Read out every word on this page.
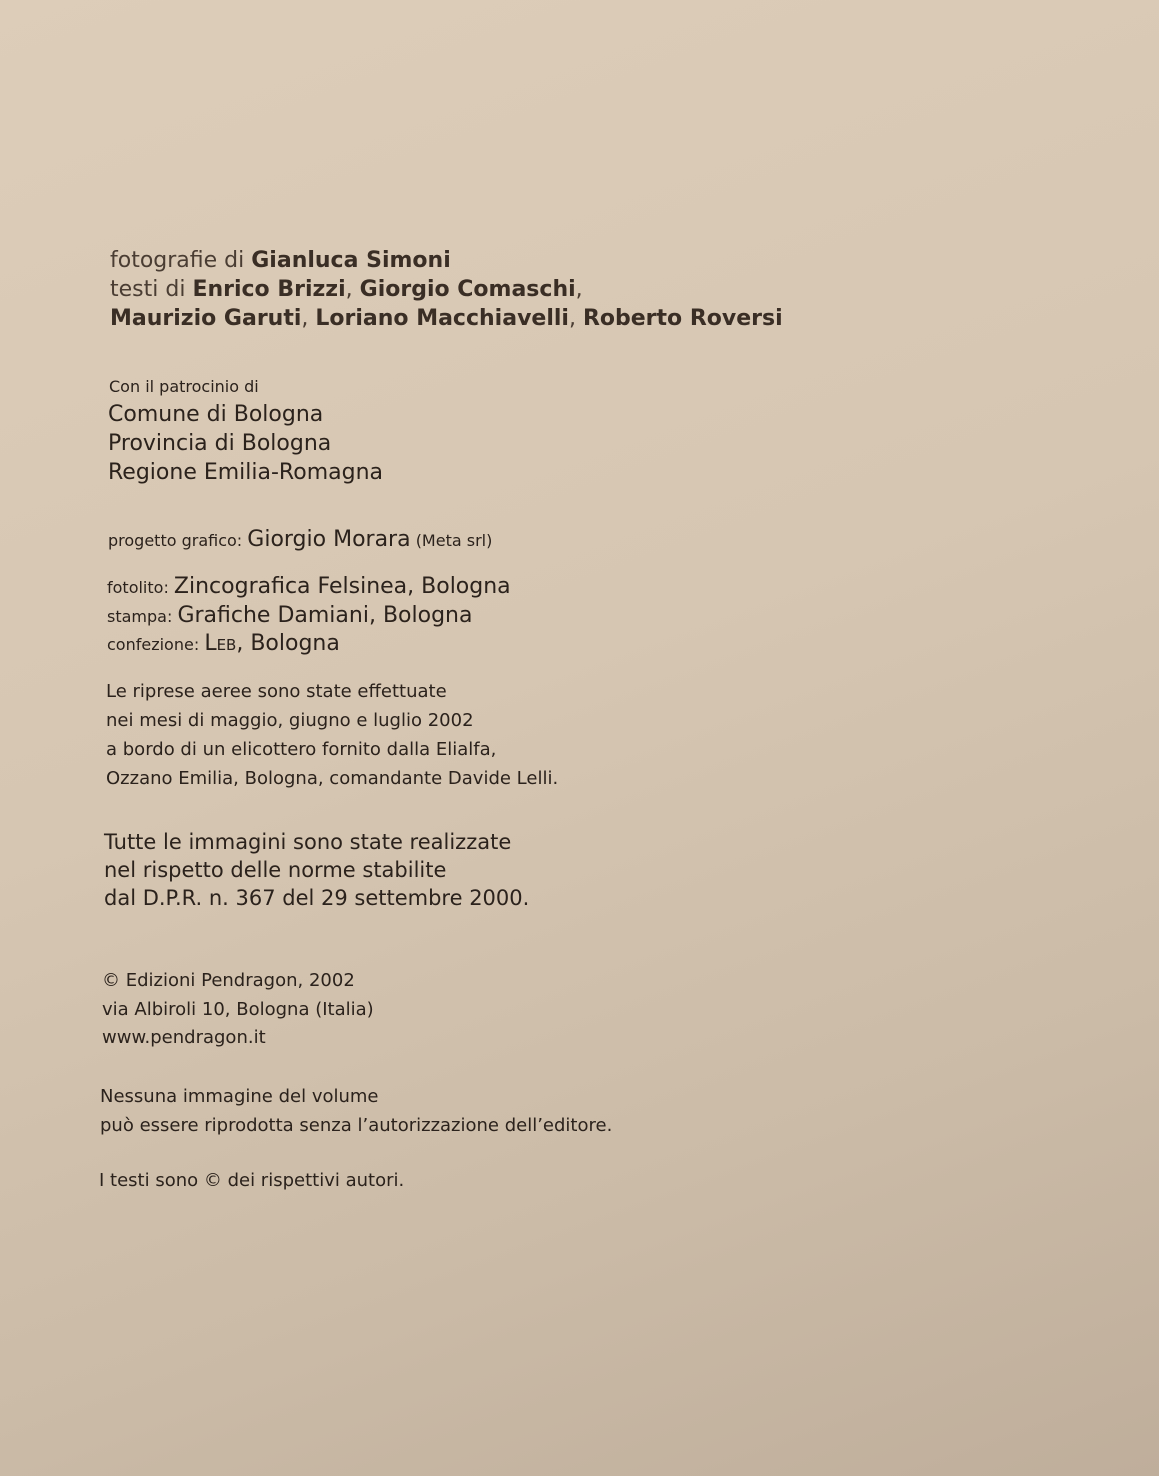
fotografie di Gianluca Simoni
testi di Enrico Brizzi, Giorgio Comaschi,
Maurizio Garuti, Loriano Macchiavelli, Roberto Roversi
Con il patrocinio di
Comune di Bologna
Provincia di Bologna
Regione Emilia-Romagna
progetto grafico: Giorgio Morara (Meta srl)
fotolito: Zincografica Felsinea, Bologna
stampa: Grafiche Damiani, Bologna
confezione: Leb, Bologna
Le riprese aeree sono state effettuate
nei mesi di maggio, giugno e luglio 2002
a bordo di un elicottero fornito dalla Elialfa,
Ozzano Emilia, Bologna, comandante Davide Lelli.
Tutte le immagini sono state realizzate
nel rispetto delle norme stabilite
dal D.P.R. n. 367 del 29 settembre 2000.
© Edizioni Pendragon, 2002
via Albiroli 10, Bologna (Italia)
www.pendragon.it
Nessuna immagine del volume
può essere riprodotta senza l’autorizzazione dell’editore.
I testi sono © dei rispettivi autori.
